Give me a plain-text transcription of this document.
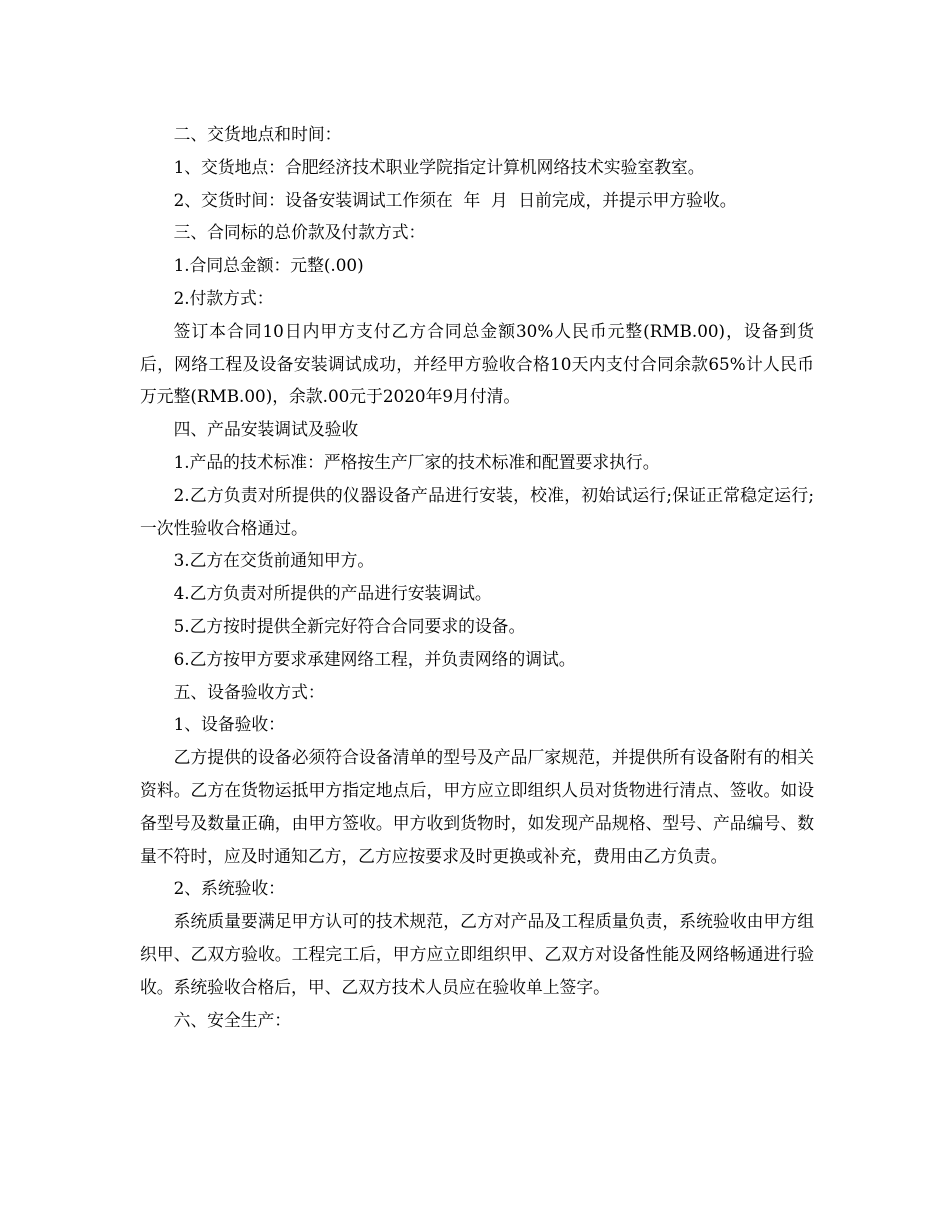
二、交货地点和时间：

1、交货地点：合肥经济技术职业学院指定计算机网络技术实验室教室。

2、交货时间：设备安装调试工作须在  年  月  日前完成，并提示甲方验收。

三、合同标的总价款及付款方式：

1.合同总金额：元整(.00)

2.付款方式：

签订本合同10日内甲方支付乙方合同总金额30%人民币元整(RMB.00)，设备到货后，网络工程及设备安装调试成功，并经甲方验收合格10天内支付合同余款65%计人民币万元整(RMB.00)，余款.00元于2020年9月付清。

四、产品安装调试及验收

1.产品的技术标准：严格按生产厂家的技术标准和配置要求执行。

2.乙方负责对所提供的仪器设备产品进行安装，校准，初始试运行;保证正常稳定运行;一次性验收合格通过。

3.乙方在交货前通知甲方。

4.乙方负责对所提供的产品进行安装调试。

5.乙方按时提供全新完好符合合同要求的设备。

6.乙方按甲方要求承建网络工程，并负责网络的调试。

五、设备验收方式：

1、设备验收：

乙方提供的设备必须符合设备清单的型号及产品厂家规范，并提供所有设备附有的相关资料。乙方在货物运抵甲方指定地点后，甲方应立即组织人员对货物进行清点、签收。如设备型号及数量正确，由甲方签收。甲方收到货物时，如发现产品规格、型号、产品编号、数量不符时，应及时通知乙方，乙方应按要求及时更换或补充，费用由乙方负责。

2、系统验收：

系统质量要满足甲方认可的技术规范，乙方对产品及工程质量负责，系统验收由甲方组织甲、乙双方验收。工程完工后，甲方应立即组织甲、乙双方对设备性能及网络畅通进行验收。系统验收合格后，甲、乙双方技术人员应在验收单上签字。

六、安全生产：
